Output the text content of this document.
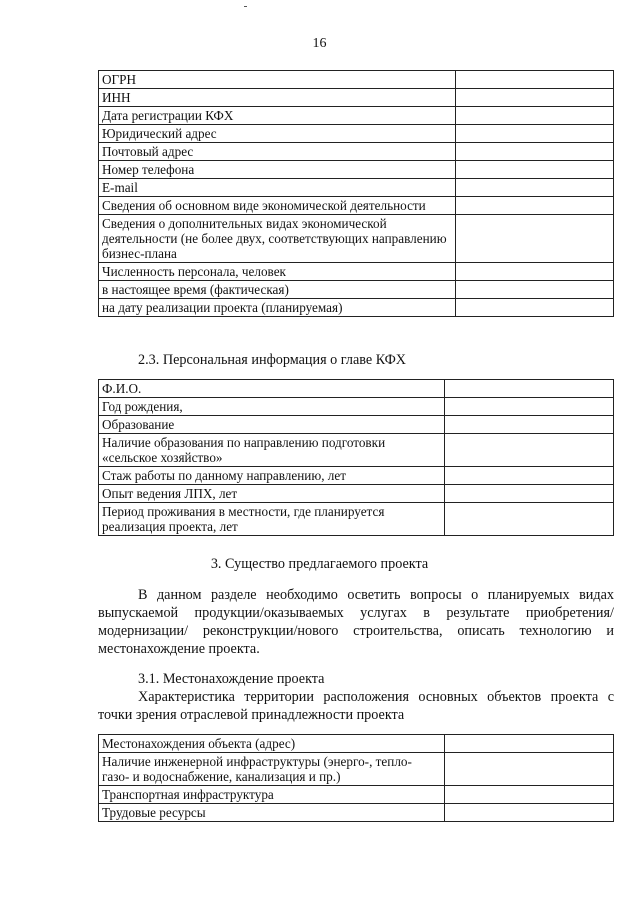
16
ОГРН	
ИНН	
Дата регистрации КФХ	
Юридический адрес	
Почтовый адрес	
Номер телефона	
E-mail	
Сведения об основном виде экономической деятельности	
Сведения о дополнительных видах экономической деятельности (не более двух, соответствующих направлению бизнес-плана	
Численность персонала, человек	
в настоящее время (фактическая)	
на дату реализации проекта (планируемая)	
2.3. Персональная информация о главе КФХ
Ф.И.О.	
Год рождения,	
Образование	
Наличие образования по направлению подготовки «сельское хозяйство»	
Стаж работы по данному направлению, лет	
Опыт ведения ЛПХ, лет	
Период проживания в местности, где планируется реализация проекта, лет	
3. Существо предлагаемого проекта
В данном разделе необходимо осветить вопросы о планируемых видах выпускаемой продукции/оказываемых услугах в результате приобретения/модернизации/ реконструкции/нового строительства, описать технологию и местонахождение проекта.
3.1. Местонахождение проекта
Характеристика территории расположения основных объектов проекта с точки зрения отраслевой принадлежности проекта
Местонахождения объекта (адрес)	
Наличие инженерной инфраструктуры (энерго-, тепло- газо- и водоснабжение, канализация и пр.)	
Транспортная инфраструктура	
Трудовые ресурсы	
